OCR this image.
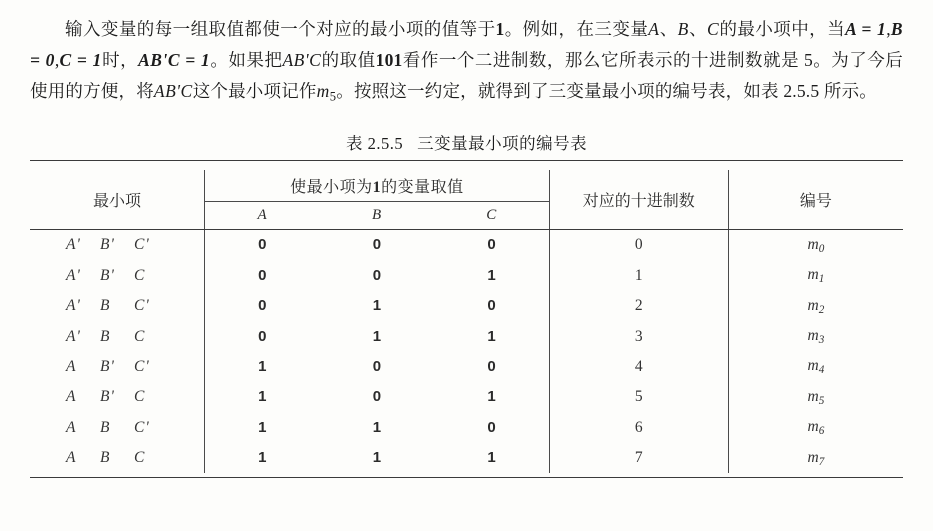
输入变量的每一组取值都使一个对应的最小项的值等于1。例如，在三变量A、B、C的最小项中，当A = 1,B = 0,C = 1时，AB'C = 1。如果把AB'C的取值101看作一个二进制数，那么它所表示的十进制数就是 5。为了今后使用的方便，将AB'C这个最小项记作$m_5$。按照这一约定，就得到了三变量最小项的编号表，如表 2.5.5 所示。

表 2.5.5 三变量最小项的编号表
最小项	使最小项为1的变量取值			对应的十进制数	编号
	A	B	C		
A' B' C'	0	0	0	0	$m_0$
A' B' C	0	0	1	1	$m_1$
A' B C'	0	1	0	2	$m_2$
A' B C	0	1	1	3	$m_3$
A B' C'	1	0	0	4	$m_4$
A B' C	1	0	1	5	$m_5$
A B C'	1	1	0	6	$m_6$
A B C	1	1	1	7	$m_7$
